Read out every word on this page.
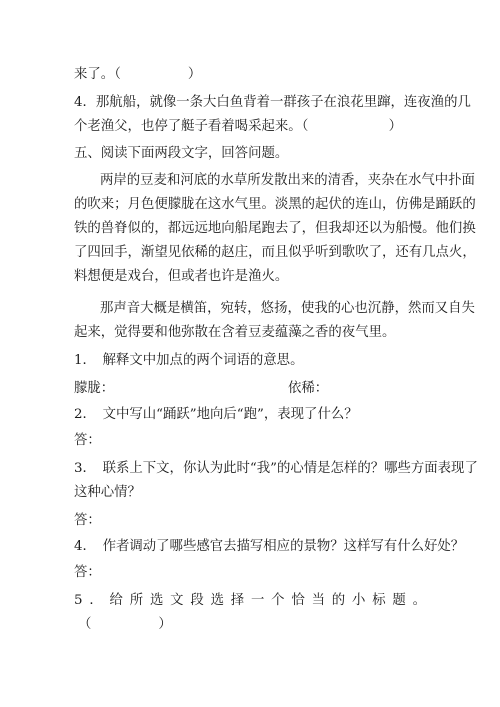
来了。（　　　　　）
4．那航船，就像一条大白鱼背着一群孩子在浪花里蹿，连夜渔的几
个老渔父，也停了艇子看着喝采起来。（　　　　　　）
五、阅读下面两段文字，回答问题。
两岸的豆麦和河底的水草所发散出来的清香，夹杂在水气中扑面
的吹来；月色便朦胧在这水气里。淡黑的起伏的连山，仿佛是踊跃的
铁的兽脊似的，都远远地向船尾跑去了，但我却还以为船慢。他们换
了四回手，渐望见依稀的赵庄，而且似乎听到歌吹了，还有几点火，
料想便是戏台，但或者也许是渔火。
那声音大概是横笛，宛转，悠扬，使我的心也沉静，然而又自失
起来，觉得要和他弥散在含着豆麦蕴藻之香的夜气里。
1．　解释文中加点的两个词语的意思。
朦胧：	依稀：
2．　文中写山“踊跃”地向后“跑”，表现了什么？
答：
3．　联系上下文，你认为此时“我”的心情是怎样的？哪些方面表现了
这种心情？
答：
4．　作者调动了哪些感官去描写相应的景物？这样写有什么好处？
答：
5 ． 给 所 选 文 段 选 择 一 个 恰 当 的 小 标 题 。
（　　　　　）
